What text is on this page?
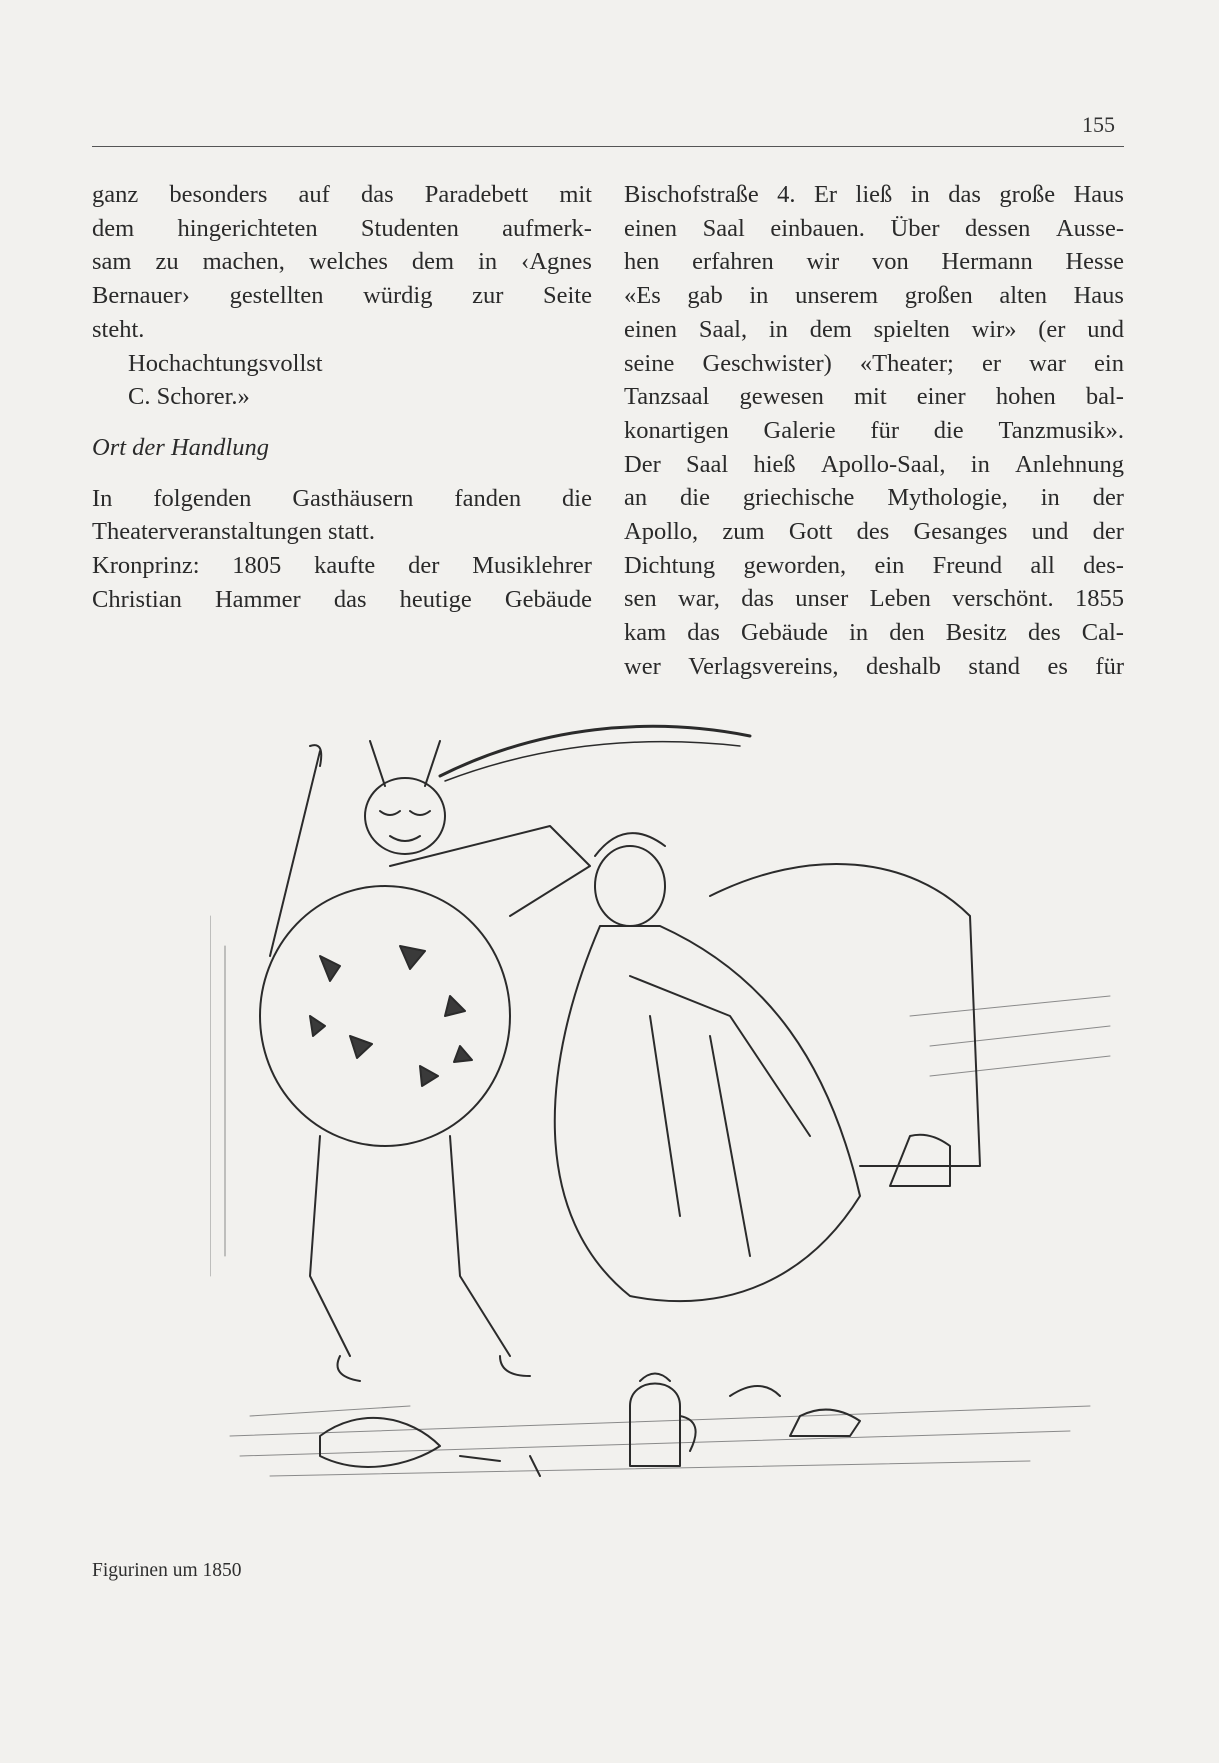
155
ganz besonders auf das Paradebett mit
dem hingerichteten Studenten aufmerk-
sam zu machen, welches dem in ‹Agnes
Bernauer› gestellten würdig zur Seite
steht.
Hochachtungsvollst
C. Schorer.»
Ort der Handlung
In folgenden Gasthäusern fanden die
Theaterveranstaltungen statt.
Kronprinz: 1805 kaufte der Musiklehrer
Christian Hammer das heutige Gebäude
Bischofstraße 4. Er ließ in das große Haus
einen Saal einbauen. Über dessen Ausse-
hen erfahren wir von Hermann Hesse
«Es gab in unserem großen alten Haus
einen Saal, in dem spielten wir» (er und
seine Geschwister) «Theater; er war ein
Tanzsaal gewesen mit einer hohen bal-
konartigen Galerie für die Tanzmusik».
Der Saal hieß Apollo-Saal, in Anlehnung
an die griechische Mythologie, in der
Apollo, zum Gott des Gesanges und der
Dichtung geworden, ein Freund all des-
sen war, das unser Leben verschönt. 1855
kam das Gebäude in den Besitz des Cal-
wer Verlagsvereins, deshalb stand es für
Figurinen um 1850
